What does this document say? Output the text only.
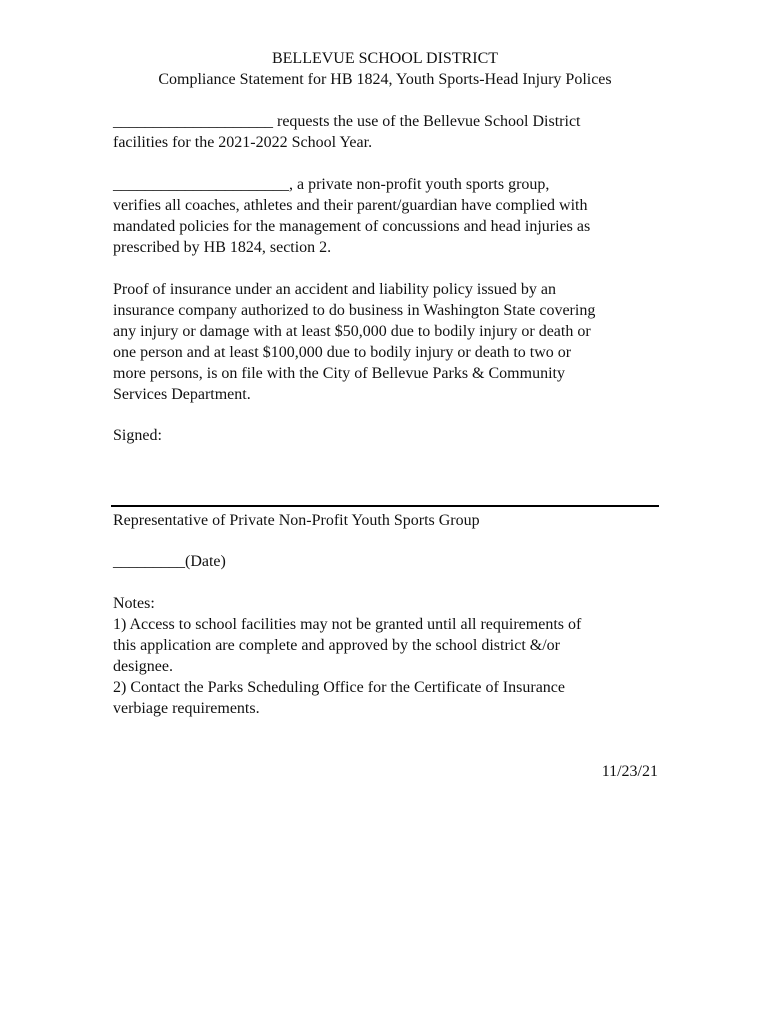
BELLEVUE SCHOOL DISTRICT
Compliance Statement for HB 1824, Youth Sports-Head Injury Polices
____________________ requests the use of the Bellevue School District
facilities for the 2021-2022 School Year.
______________________, a private non-profit youth sports group,
verifies all coaches, athletes and their parent/guardian have complied with
mandated policies for the management of concussions and head injuries as
prescribed by HB 1824, section 2.
Proof of insurance under an accident and liability policy issued by an
insurance company authorized to do business in Washington State covering
any injury or damage with at least $50,000 due to bodily injury or death or
one person and at least $100,000 due to bodily injury or death to two or
more persons, is on file with the City of Bellevue Parks & Community
Services Department.
Signed:
Representative of Private Non-Profit Youth Sports Group
_________(Date)
Notes:
1) Access to school facilities may not be granted until all requirements of
this application are complete and approved by the school district &/or
designee.
2) Contact the Parks Scheduling Office for the Certificate of Insurance
verbiage requirements.
11/23/21
